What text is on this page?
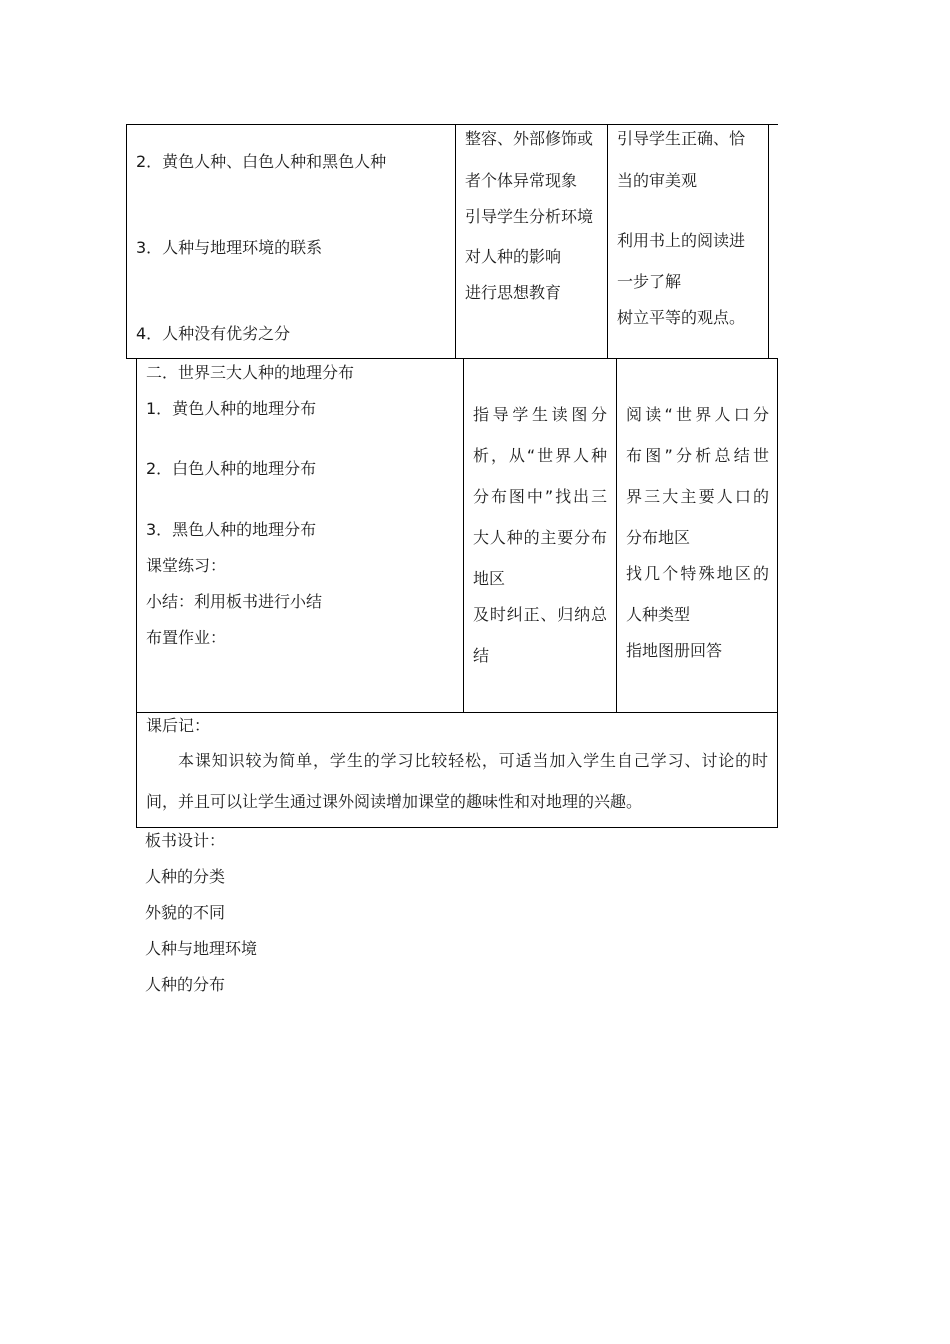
2．黄色人种、白色人种和黑色人种
3．人种与地理环境的联系
4．人种没有优劣之分
整容、外部修饰或
者个体异常现象
引导学生分析环境
对人种的影响
进行思想教育
引导学生正确、恰
当的审美观
利用书上的阅读进
一步了解
树立平等的观点。
二．世界三大人种的地理分布
1．黄色人种的地理分布
2．白色人种的地理分布
3．黑色人种的地理分布
课堂练习：
小结：利用板书进行小结
布置作业：
指导学生读图分
析，从“世界人种
分布图中”找出三
大人种的主要分布
地区
及时纠正、归纳总
结
阅读“世界人口分
布图”分析总结世
界三大主要人口的
分布地区
找几个特殊地区的
人种类型
指地图册回答
课后记：
本课知识较为简单，学生的学习比较轻松，可适当加入学生自己学习、讨论的时
间，并且可以让学生通过课外阅读增加课堂的趣味性和对地理的兴趣。
板书设计：
人种的分类
外貌的不同
人种与地理环境
人种的分布
